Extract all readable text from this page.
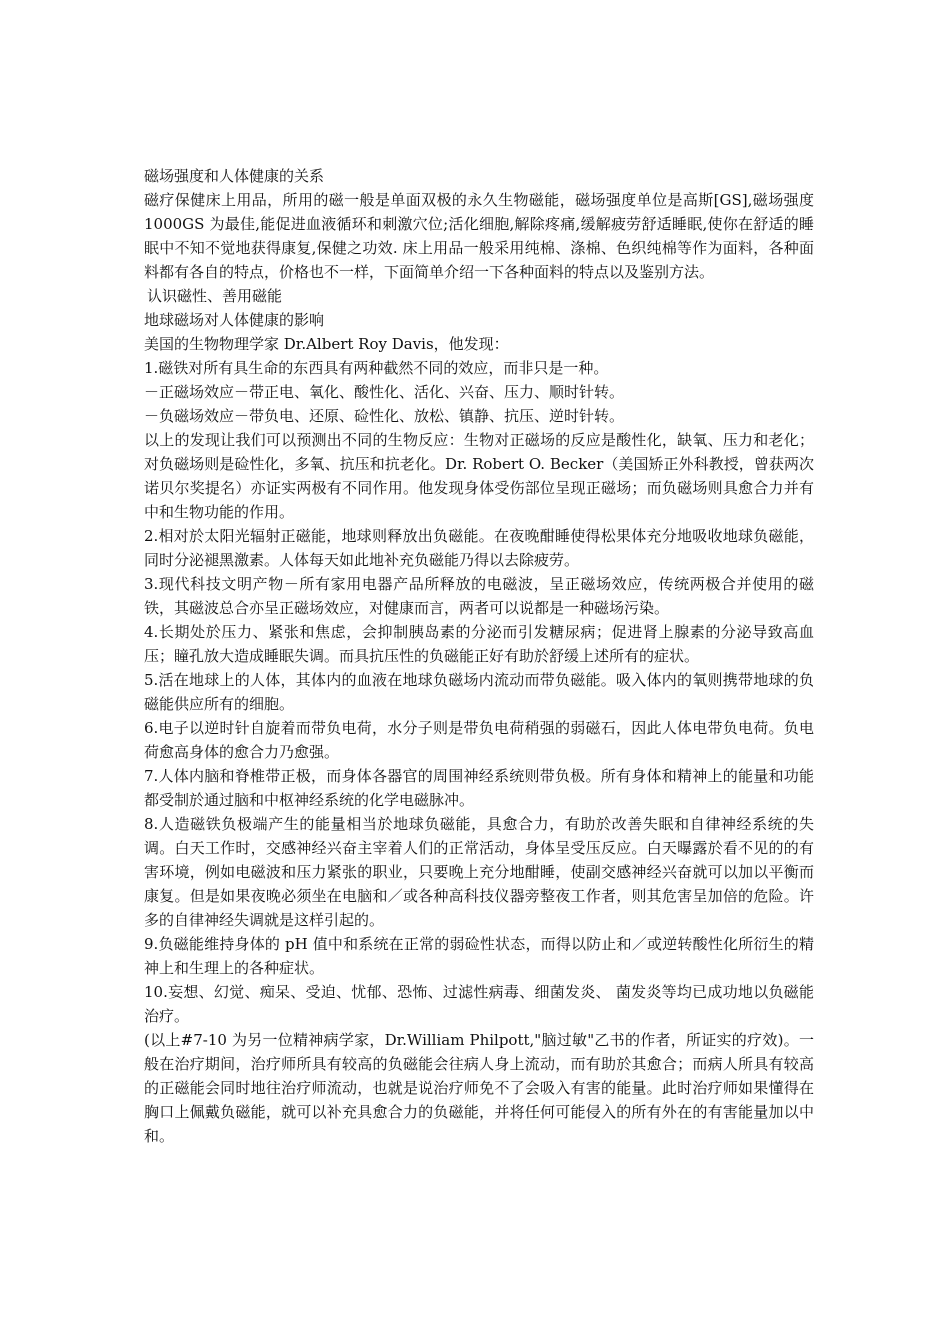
磁场强度和人体健康的关系

磁疗保健床上用品，所用的磁一般是单面双极的永久生物磁能，磁场强度单位是高斯[GS],磁场强度 1000GS 为最佳,能促进血液循环和刺激穴位;活化细胞,解除疼痛,缓解疲劳舒适睡眠,使你在舒适的睡眠中不知不觉地获得康复,保健之功效. 床上用品一般采用纯棉、涤棉、色织纯棉等作为面料，各种面料都有各自的特点，价格也不一样，下面简单介绍一下各种面料的特点以及鉴别方法。

认识磁性、善用磁能

地球磁场对人体健康的影响

美国的生物物理学家 Dr.Albert Roy Davis，他发现：

1.磁铁对所有具生命的东西具有两种截然不同的效应，而非只是一种。

－正磁场效应－带正电、氧化、酸性化、活化、兴奋、压力、顺时针转。

－负磁场效应－带负电、还原、硷性化、放松、镇静、抗压、逆时针转。

以上的发现让我们可以预测出不同的生物反应：生物对正磁场的反应是酸性化，缺氧、压力和老化；对负磁场则是硷性化，多氧、抗压和抗老化。Dr. Robert O. Becker（美国矫正外科教授，曾获两次诺贝尔奖提名）亦证实两极有不同作用。他发现身体受伤部位呈现正磁场；而负磁场则具愈合力并有中和生物功能的作用。

2.相对於太阳光辐射正磁能，地球则释放出负磁能。在夜晚酣睡使得松果体充分地吸收地球负磁能，同时分泌褪黑激素。人体每天如此地补充负磁能乃得以去除疲劳。

3.现代科技文明产物－所有家用电器产品所释放的电磁波，呈正磁场效应，传统两极合并使用的磁铁，其磁波总合亦呈正磁场效应，对健康而言，两者可以说都是一种磁场污染。

4.长期处於压力、紧张和焦虑，会抑制胰岛素的分泌而引发糖尿病；促进肾上腺素的分泌导致高血压；瞳孔放大造成睡眠失调。而具抗压性的负磁能正好有助於舒缓上述所有的症状。

5.活在地球上的人体，其体内的血液在地球负磁场内流动而带负磁能。吸入体内的氧则携带地球的负磁能供应所有的细胞。

6.电子以逆时针自旋着而带负电荷，水分子则是带负电荷稍强的弱磁石，因此人体电带负电荷。负电荷愈高身体的愈合力乃愈强。

7.人体内脑和脊椎带正极，而身体各器官的周围神经系统则带负极。所有身体和精神上的能量和功能都受制於通过脑和中枢神经系统的化学电磁脉冲。

8.人造磁铁负极端产生的能量相当於地球负磁能，具愈合力，有助於改善失眠和自律神经系统的失调。白天工作时，交感神经兴奋主宰着人们的正常活动，身体呈受压反应。白天曝露於看不见的的有害环境，例如电磁波和压力紧张的职业，只要晚上充分地酣睡，使副交感神经兴奋就可以加以平衡而康复。但是如果夜晚必须坐在电脑和／或各种高科技仪器旁整夜工作者，则其危害呈加倍的危险。许多的自律神经失调就是这样引起的。

9.负磁能维持身体的 pH 值中和系统在正常的弱硷性状态，而得以防止和／或逆转酸性化所衍生的精神上和生理上的各种症状。

10.妄想、幻觉、痴呆、受迫、忧郁、恐怖、过滤性病毒、细菌发炎、 菌发炎等均已成功地以负磁能治疗。

(以上#7-10 为另一位精神病学家，Dr.William Philpott,"脑过敏"乙书的作者，所证实的疗效)。一般在治疗期间，治疗师所具有较高的负磁能会往病人身上流动，而有助於其愈合；而病人所具有较高的正磁能会同时地往治疗师流动，也就是说治疗师免不了会吸入有害的能量。此时治疗师如果懂得在胸口上佩戴负磁能，就可以补充具愈合力的负磁能，并将任何可能侵入的所有外在的有害能量加以中和。
